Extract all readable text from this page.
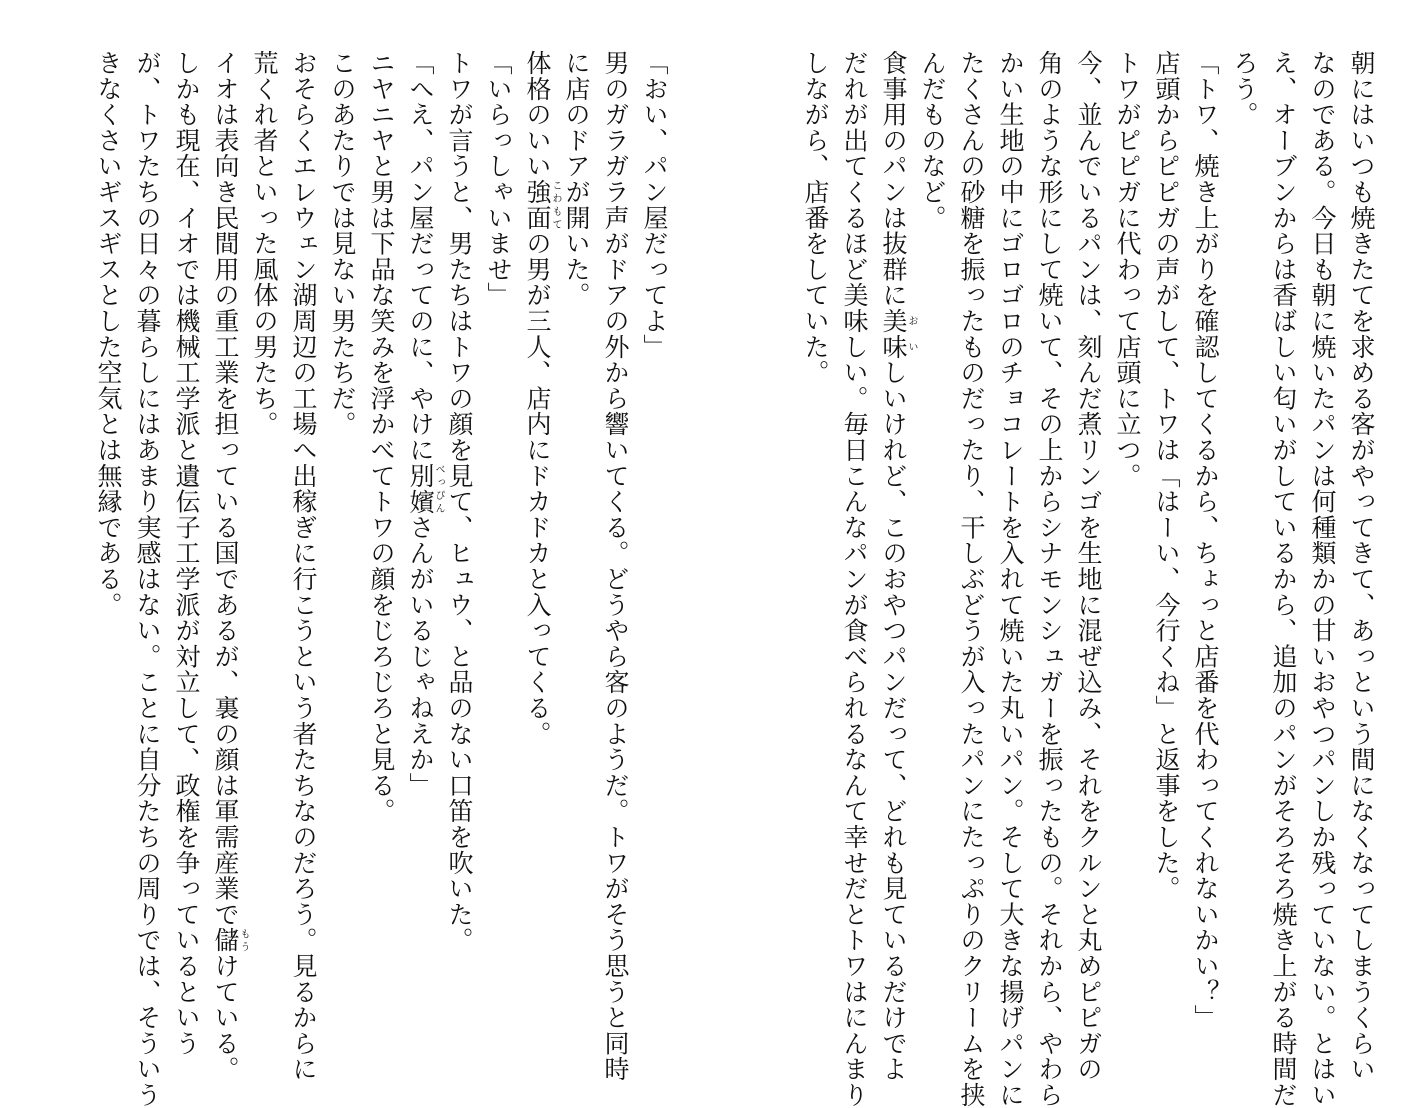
朝にはいつも焼きたてを求める客がやってきて、あっという間になくなってしまうくらい
なのである。今日も朝に焼いたパンは何種類かの甘いおやつパンしか残っていない。とはい
え、オーブンからは香ばしい匂いがしているから、追加のパンがそろそろ焼き上がる時間だ
ろう。
「トワ、焼き上がりを確認してくるから、ちょっと店番を代わってくれないかい？」
店頭からピピガの声がして、トワは「はーい、今行くね」と返事をした。
トワがピピガに代わって店頭に立つ。
今、並んでいるパンは、刻んだ煮リンゴを生地に混ぜ込み、それをクルンと丸めピピガの
角のような形にして焼いて、その上からシナモンシュガーを振ったもの。それから、やわら
かい生地の中にゴロゴロのチョコレートを入れて焼いた丸いパン。そして大きな揚げパンに
たくさんの砂糖を振ったものだったり、干しぶどうが入ったパンにたっぷりのクリームを挟
んだものなど。
食事用のパンは抜群に美味おいしいけれど、このおやつパンだって、どれも見ているだけでよ
だれが出てくるほど美味しい。毎日こんなパンが食べられるなんて幸せだとトワはにんまり
しながら、店番をしていた。
「おい、パン屋だってよ」
男のガラガラ声がドアの外から響いてくる。どうやら客のようだ。トワがそう思うと同時
に店のドアが開いた。
体格のいい強面こわもての男が三人、店内にドカドカと入ってくる。
「いらっしゃいませ」
トワが言うと、男たちはトワの顔を見て、ヒュウ、と品のない口笛を吹いた。
「へえ、パン屋だってのに、やけに別嬪べっぴんさんがいるじゃねえか」
ニヤニヤと男は下品な笑みを浮かべてトワの顔をじろじろと見る。
このあたりでは見ない男たちだ。
おそらくエレウェン湖周辺の工場へ出稼ぎに行こうという者たちなのだろう。見るからに
荒くれ者といった風体の男たち。
イオは表向き民間用の重工業を担っている国であるが、裏の顔は軍需産業で儲もうけている。
しかも現在、イオでは機械工学派と遺伝子工学派が対立して、政権を争っているという
が、トワたちの日々の暮らしにはあまり実感はない。ことに自分たちの周りでは、そういう
きなくさいギスギスとした空気とは無縁である。
